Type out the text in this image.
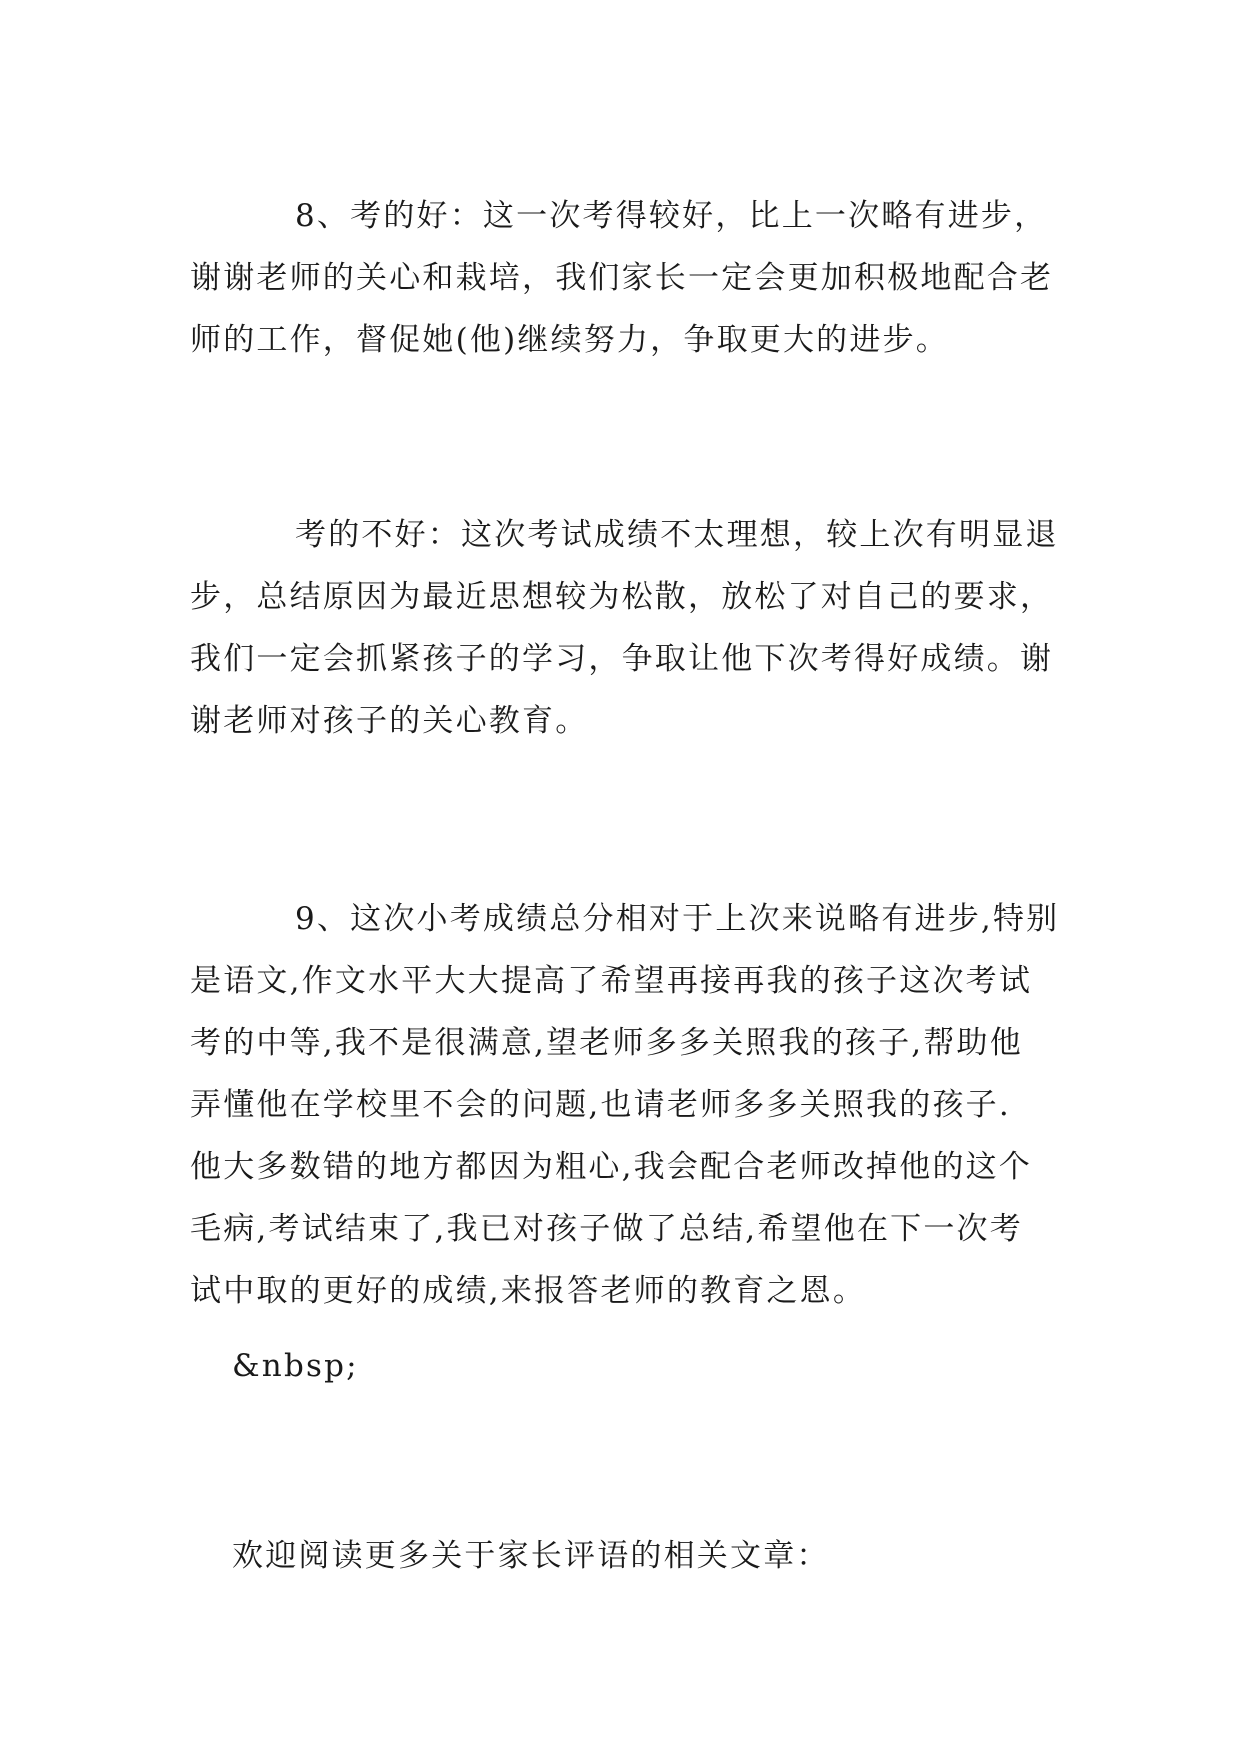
8、考的好：这一次考得较好，比上一次略有进步，
谢谢老师的关心和栽培，我们家长一定会更加积极地配合老
师的工作，督促她(他)继续努力，争取更大的进步。
考的不好：这次考试成绩不太理想，较上次有明显退
步，总结原因为最近思想较为松散，放松了对自己的要求，
我们一定会抓紧孩子的学习，争取让他下次考得好成绩。谢
谢老师对孩子的关心教育。
9、这次小考成绩总分相对于上次来说略有进步,特别
是语文,作文水平大大提高了希望再接再我的孩子这次考试
考的中等,我不是很满意,望老师多多关照我的孩子,帮助他
弄懂他在学校里不会的问题,也请老师多多关照我的孩子.
他大多数错的地方都因为粗心,我会配合老师改掉他的这个
毛病,考试结束了,我已对孩子做了总结,希望他在下一次考
试中取的更好的成绩,来报答老师的教育之恩。

&nbsp;

欢迎阅读更多关于家长评语的相关文章：
